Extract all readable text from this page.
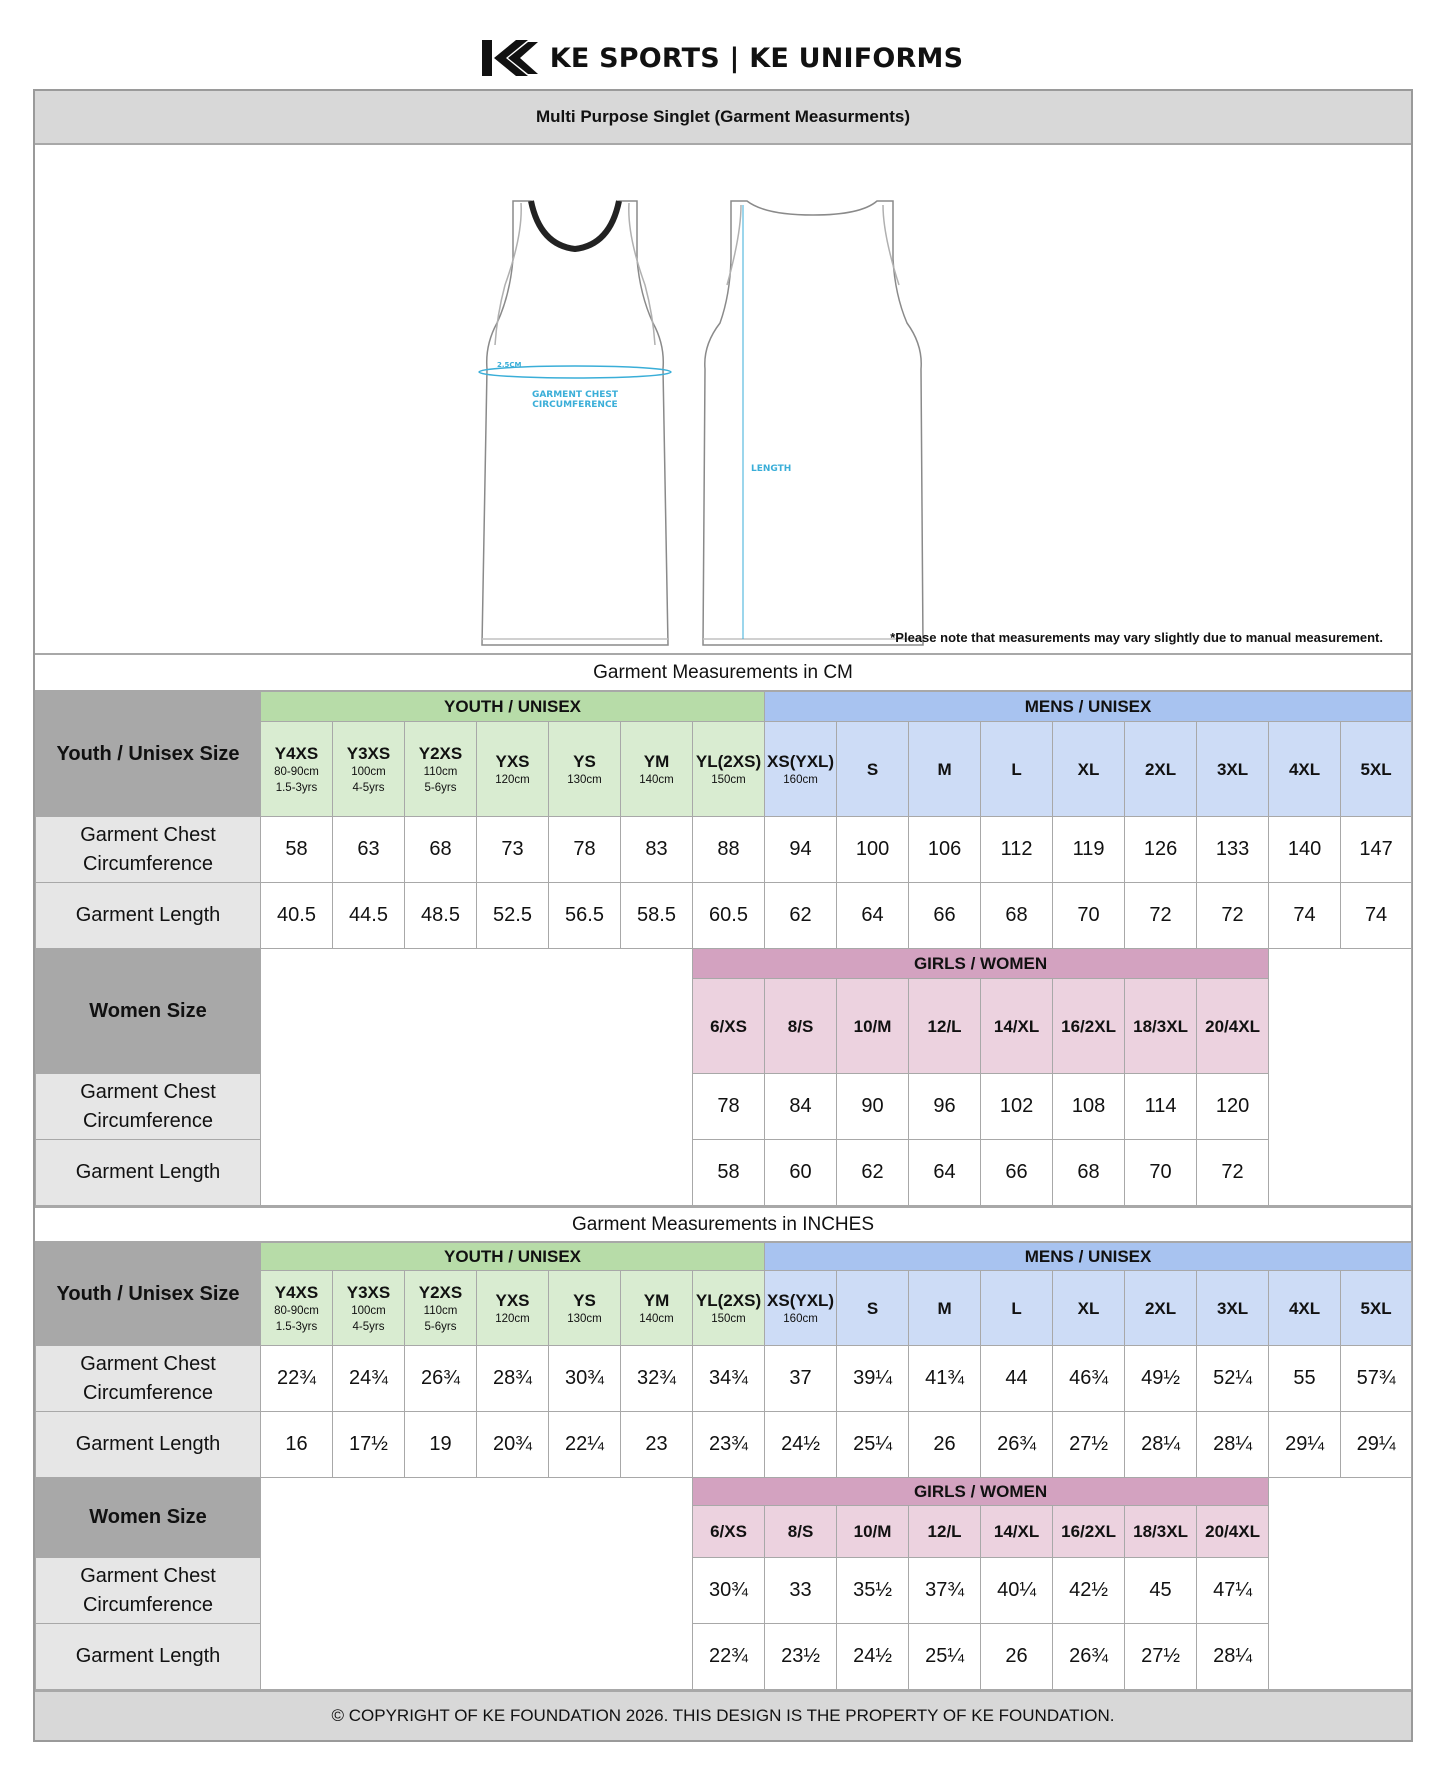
KE SPORTS | KE UNIFORMS
Multi Purpose Singlet (Garment Measurments)
2.5CM
GARMENT CHEST
CIRCUMFERENCE
LENGTH
*Please note that measurements may vary slightly due to manual measurement.
Garment Measurements in CM
Youth / Unisex Size	YOUTH / UNISEX							MENS / UNISEX								

	Y4XS
80-90cm
1.5-3yrs	Y3XS
100cm
4-5yrs	Y2XS
110cm
5-6yrs	YXS
120cm	YS
130cm	YM
140cm	YL(2XS)
150cm	XS(YXL)
160cm	S	M	L	XL	2XL	3XL	4XL	5XL

Garment Chest
Circumference	58	63	68	73	78	83	88	94	100	106	112	119	126	133	140	147
Garment Length	40.5	44.5	48.5	52.5	56.5	58.5	60.5	62	64	66	68	70	72	72	74	74
Women Size							GIRLS / WOMEN									

							6/XS	8/S	10/M	12/L	14/XL	16/2XL	18/3XL	20/4XL		

Garment Chest
Circumference							78	84	90	96	102	108	114	120		
Garment Length							58	60	62	64	66	68	70	72		
Garment Measurements in INCHES
Youth / Unisex Size	YOUTH / UNISEX							MENS / UNISEX								

	Y4XS
80-90cm
1.5-3yrs	Y3XS
100cm
4-5yrs	Y2XS
110cm
5-6yrs	YXS
120cm	YS
130cm	YM
140cm	YL(2XS)
150cm	XS(YXL)
160cm	S	M	L	XL	2XL	3XL	4XL	5XL

Garment Chest
Circumference	22¾	24¾	26¾	28¾	30¾	32¾	34¾	37	39¼	41¾	44	46¾	49½	52¼	55	57¾
Garment Length	16	17½	19	20¾	22¼	23	23¾	24½	25¼	26	26¾	27½	28¼	28¼	29¼	29¼
Women Size							GIRLS / WOMEN									

							6/XS	8/S	10/M	12/L	14/XL	16/2XL	18/3XL	20/4XL		

Garment Chest
Circumference							30¾	33	35½	37¾	40¼	42½	45	47¼		
Garment Length							22¾	23½	24½	25¼	26	26¾	27½	28¼		
© COPYRIGHT OF KE FOUNDATION 2026. THIS DESIGN IS THE PROPERTY OF KE FOUNDATION.
